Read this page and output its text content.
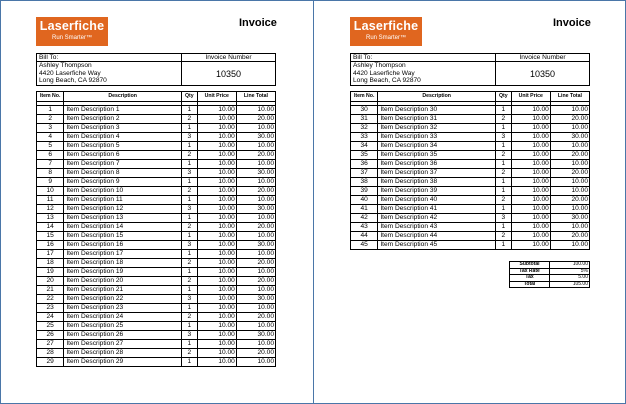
Laserfiche
Run Smarter™
Invoice
Bill To:	Invoice Number

Ashley Thompson
4420 Laserfiche Way
Long Beach, CA 92870	10350
Item No.	Description	Qty	Unit Price	Line Total

1	Item Description 1	1	10.00	10.00
2	Item Description 2	2	10.00	20.00
3	Item Description 3	1	10.00	10.00
4	Item Description 4	3	10.00	30.00
5	Item Description 5	1	10.00	10.00
6	Item Description 6	2	10.00	20.00
7	Item Description 7	1	10.00	10.00
8	Item Description 8	3	10.00	30.00
9	Item Description 9	1	10.00	10.00
10	Item Description 10	2	10.00	20.00
11	Item Description 11	1	10.00	10.00
12	Item Description 12	3	10.00	30.00
13	Item Description 13	1	10.00	10.00
14	Item Description 14	2	10.00	20.00
15	Item Description 15	1	10.00	10.00
16	Item Description 16	3	10.00	30.00
17	Item Description 17	1	10.00	10.00
18	Item Description 18	2	10.00	20.00
19	Item Description 19	1	10.00	10.00
20	Item Description 20	2	10.00	20.00
21	Item Description 21	1	10.00	10.00
22	Item Description 22	3	10.00	30.00
23	Item Description 23	1	10.00	10.00
24	Item Description 24	2	10.00	20.00
25	Item Description 25	1	10.00	10.00
26	Item Description 26	3	10.00	30.00
27	Item Description 27	1	10.00	10.00
28	Item Description 28	2	10.00	20.00
29	Item Description 29	1	10.00	10.00
Laserfiche
Run Smarter™
Invoice
Bill To:	Invoice Number

Ashley Thompson
4420 Laserfiche Way
Long Beach, CA 92870	10350
Item No.	Description	Qty	Unit Price	Line Total

30	Item Description 30	1	10.00	10.00
31	Item Description 31	2	10.00	20.00
32	Item Description 32	1	10.00	10.00
33	Item Description 33	3	10.00	30.00
34	Item Description 34	1	10.00	10.00
35	Item Description 35	2	10.00	20.00
36	Item Description 36	1	10.00	10.00
37	Item Description 37	2	10.00	20.00
38	Item Description 38	1	10.00	10.00
39	Item Description 39	1	10.00	10.00
40	Item Description 40	2	10.00	20.00
41	Item Description 41	1	10.00	10.00
42	Item Description 42	3	10.00	30.00
43	Item Description 43	1	10.00	10.00
44	Item Description 44	2	10.00	20.00
45	Item Description 45	1	10.00	10.00
Subtotal	100.00
Tax Rate	5%
Tax	5.00
Total	105.00
